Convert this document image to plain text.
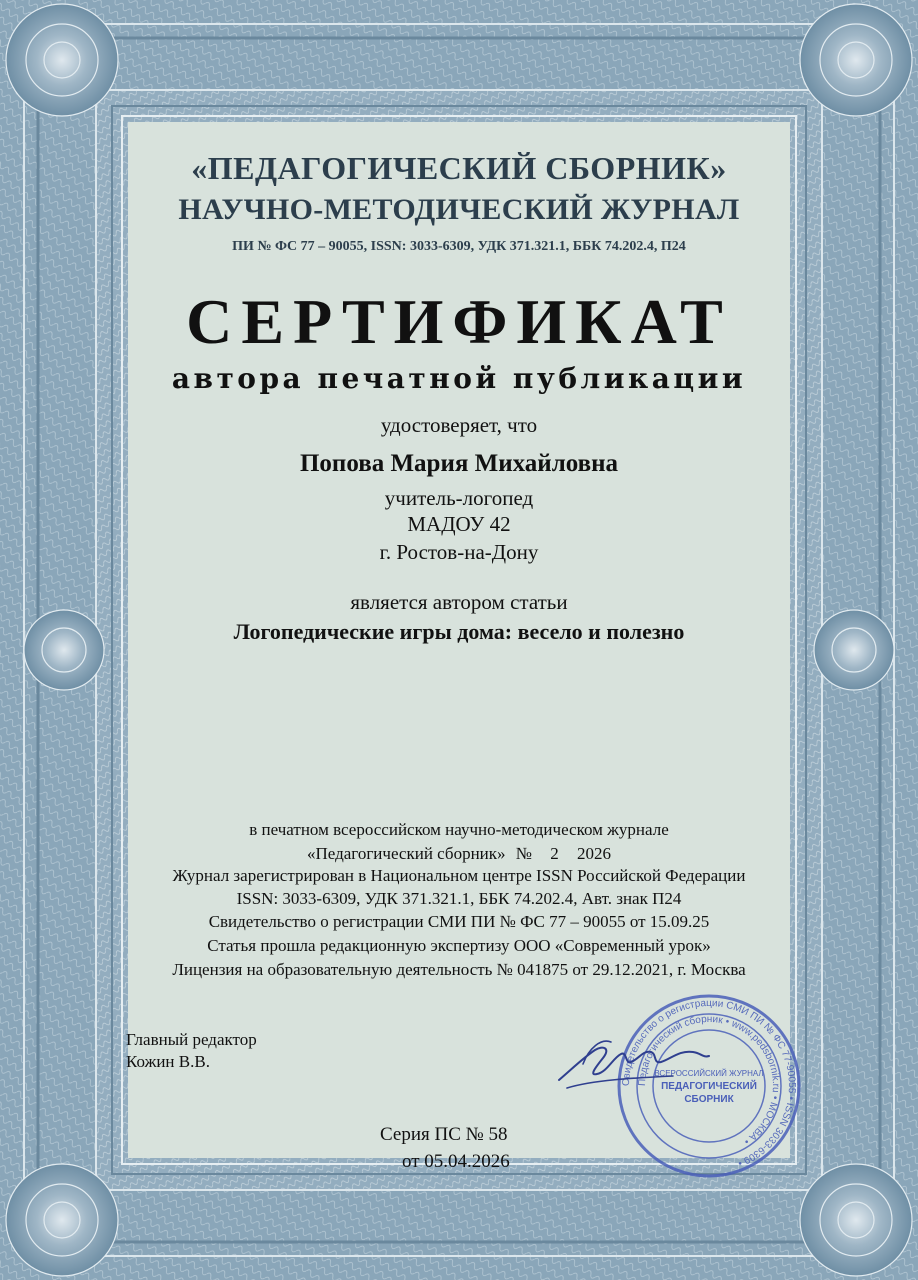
«ПЕДАГОГИЧЕСКИЙ СБОРНИК»
НАУЧНО-МЕТОДИЧЕСКИЙ ЖУРНАЛ
ПИ № ФС 77 – 90055, ISSN: 3033-6309, УДК 371.321.1, ББК 74.202.4, П24
СЕРТИФИКАТ
автора печатной публикации
удостоверяет, что
Попова Мария Михайловна
учитель-логопед
МАДОУ 42
г. Ростов-на-Дону
является автором статьи
Логопедические игры дома: весело и полезно
в печатном всероссийском научно-методическом журнале
«Педагогический сборник» № 2 2026
Журнал зарегистрирован в Национальном центре ISSN Российской Федерации
ISSN: 3033-6309, УДК 371.321.1, ББК 74.202.4, Авт. знак П24
Свидетельство о регистрации СМИ ПИ № ФС 77 – 90055 от 15.09.25
Статья прошла редакционную экспертизу ООО «Современный урок»
Лицензия на образовательную деятельность № 041875 от 29.12.2021, г. Москва
Главный редактор
Кожин В.В.
Серия ПС № 58
от 05.04.2026
Свидетельство о регистрации СМИ ПИ № ФС 77-90055 • ISSN 3033-6309 •
Педагогический сборник • www.pedsbornik.ru • МОСКВА •
ВСЕРОССИЙСКИЙ ЖУРНАЛ
ПЕДАГОГИЧЕСКИЙ
СБОРНИК
